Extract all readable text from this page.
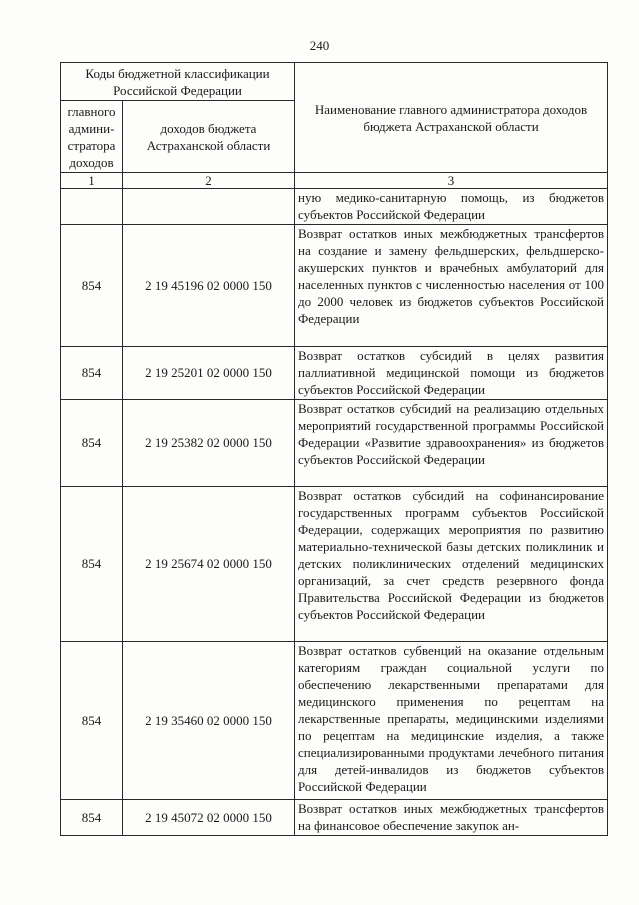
240
Коды бюджетной классификации Российской Федерации		Наименование главного администратора доходов бюджета Астраханской области
главного админи-стратора доходов	доходов бюджета Астраханской области	
1	2	3
		ную медико-санитарную помощь, из бюджетов субъектов Российской Федерации
854	2 19 45196 02 0000 150	Возврат остатков иных межбюджетных трансфертов на создание и замену фельдшерских, фельдшерско-акушерских пунктов и врачебных амбулаторий для населенных пунктов с численностью населения от 100 до 2000 человек из бюджетов субъектов Российской Федерации
854	2 19 25201 02 0000 150	Возврат остатков субсидий в целях развития паллиативной медицинской помощи из бюджетов субъектов Российской Федерации
854	2 19 25382 02 0000 150	Возврат остатков субсидий на реализацию отдельных мероприятий государственной программы Российской Федерации «Развитие здравоохранения» из бюджетов субъектов Российской Федерации
854	2 19 25674 02 0000 150	Возврат остатков субсидий на софинансирование государственных программ субъектов Российской Федерации, содержащих мероприятия по развитию материально-технической базы детских поликлиник и детских поликлинических отделений медицинских организаций, за счет средств резервного фонда Правительства Российской Федерации из бюджетов субъектов Российской Федерации
854	2 19 35460 02 0000 150	Возврат остатков субвенций на оказание отдельным категориям граждан социальной услуги по обеспечению лекарственными препаратами для медицинского применения по рецептам на лекарственные препараты, медицинскими изделиями по рецептам на медицинские изделия, а также специализированными продуктами лечебного питания для детей-инвалидов из бюджетов субъектов Российской Федерации
854	2 19 45072 02 0000 150	Возврат остатков иных межбюджетных трансфертов на финансовое обеспечение закупок ан-
